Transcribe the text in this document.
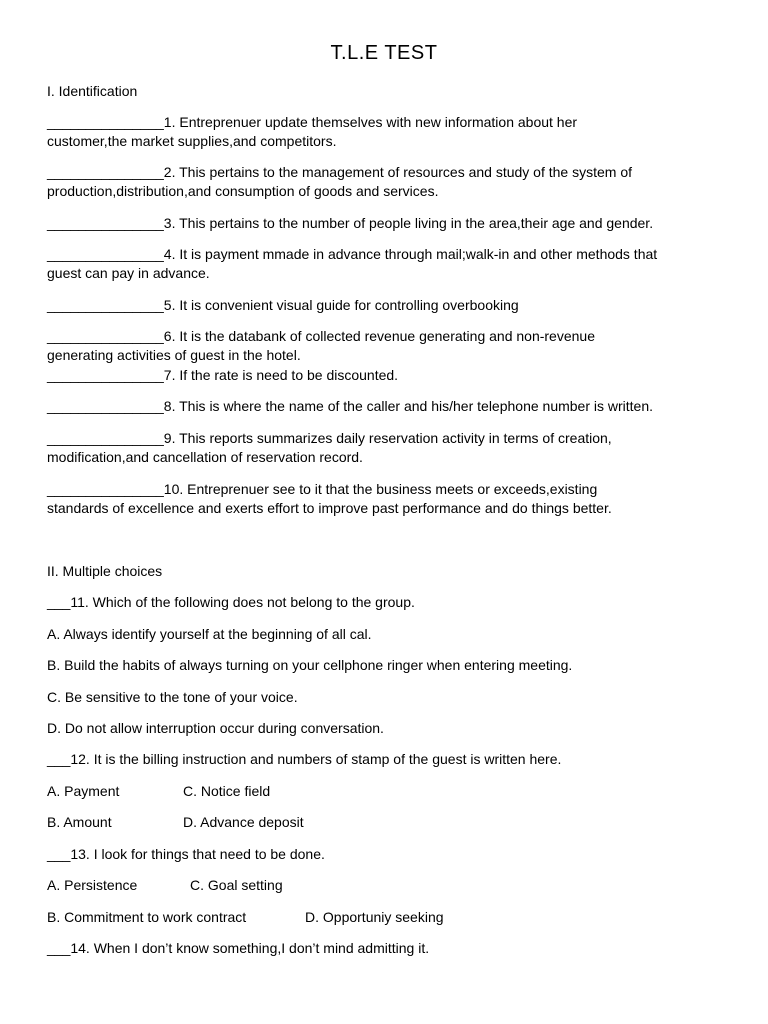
T.L.E TEST
I. Identification
_______________1. Entreprenuer update themselves with new information about her
customer,the market supplies,and competitors.
_______________2. This pertains to the management of resources and study of the system of
production,distribution,and consumption of goods and services.
_______________3. This pertains to the number of people living in the area,their age and gender.
_______________4. It is payment mmade in advance through mail;walk-in and other methods that
guest can pay in advance.
_______________5. It is convenient visual guide for controlling overbooking
_______________6. It is the databank of collected revenue generating and non-revenue
generating activities of guest in the hotel.
_______________7. If the rate is need to be discounted.
_______________8. This is where the name of the caller and his/her telephone number is written.
_______________9. This reports summarizes daily reservation activity in terms of creation,
modification,and cancellation of reservation record.
_______________10. Entreprenuer see to it that the business meets or exceeds,existing
standards of excellence and exerts effort to improve past performance and do things better.
II. Multiple choices
___11. Which of the following does not belong to the group.
A. Always identify yourself at the beginning of all cal.
B. Build the habits of always turning on your cellphone ringer when entering meeting.
C. Be sensitive to the tone of your voice.
D. Do not allow interruption occur during conversation.
___12. It is the billing instruction and numbers of stamp of the guest is written here.
A. Payment	C. Notice field
B. Amount	D. Advance deposit
___13. I look for things that need to be done.
A. Persistence	C. Goal setting
B. Commitment to work contract	D. Opportuniy seeking
___14. When I don’t know something,I don’t mind admitting it.
